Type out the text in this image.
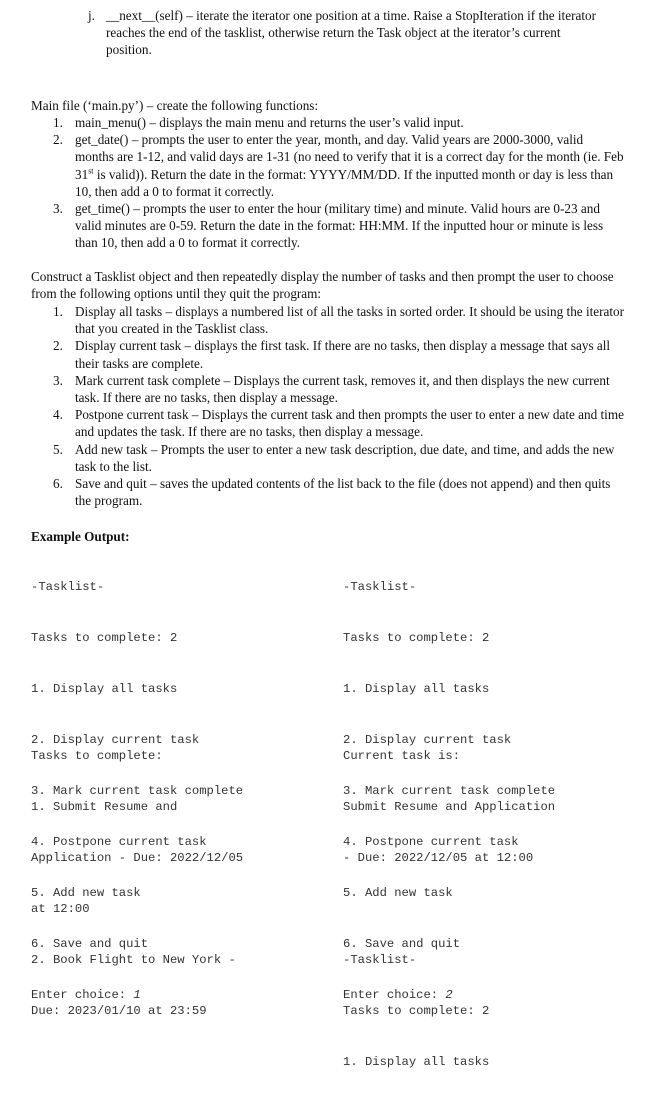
j. __next__(self) – iterate the iterator one position at a time. Raise a StopIteration if the iterator reaches the end of the tasklist, otherwise return the Task object at the iterator’s current position.

Main file (‘main.py’) – create the following functions:

1. main_menu() – displays the main menu and returns the user’s valid input.
2. get_date() – prompts the user to enter the year, month, and day. Valid years are 2000-3000, valid months are 1-12, and valid days are 1-31 (no need to verify that it is a correct day for the month (ie. Feb 31st is valid)). Return the date in the format: YYYY/MM/DD. If the inputted month or day is less than 10, then add a 0 to format it correctly.
3. get_time() – prompts the user to enter the hour (military time) and minute. Valid hours are 0-23 and valid minutes are 0-59. Return the date in the format: HH:MM. If the inputted hour or minute is less than 10, then add a 0 to format it correctly.

Construct a Tasklist object and then repeatedly display the number of tasks and then prompt the user to choose from the following options until they quit the program:

1. Display all tasks – displays a numbered list of all the tasks in sorted order. It should be using the iterator that you created in the Tasklist class.
2. Display current task – displays the first task. If there are no tasks, then display a message that says all their tasks are complete.
3. Mark current task complete – Displays the current task, removes it, and then displays the new current task. If there are no tasks, then display a message.
4. Postpone current task – Displays the current task and then prompts the user to enter a new date and time and updates the task. If there are no tasks, then display a message.
5. Add new task – Prompts the user to enter a new task description, due date, and time, and adds the new task to the list.
6. Save and quit – saves the updated contents of the list back to the file (does not append) and then quits the program.

Example Output:

-Tasklist-

Tasks to complete: 2

1. Display all tasks

2. Display current task

3. Mark current task complete

4. Postpone current task

5. Add new task

6. Save and quit

Enter choice: 1

-Tasklist-

Tasks to complete: 2

1. Display all tasks

2. Display current task

3. Mark current task complete

4. Postpone current task

5. Add new task

6. Save and quit

Enter choice: 2

Tasks to complete:

1. Submit Resume and

Application - Due: 2022/12/05

at 12:00

2. Book Flight to New York -

Due: 2023/01/10 at 23:59

Current task is:

Submit Resume and Application

- Due: 2022/12/05 at 12:00

-Tasklist-

Tasks to complete: 2

1. Display all tasks
